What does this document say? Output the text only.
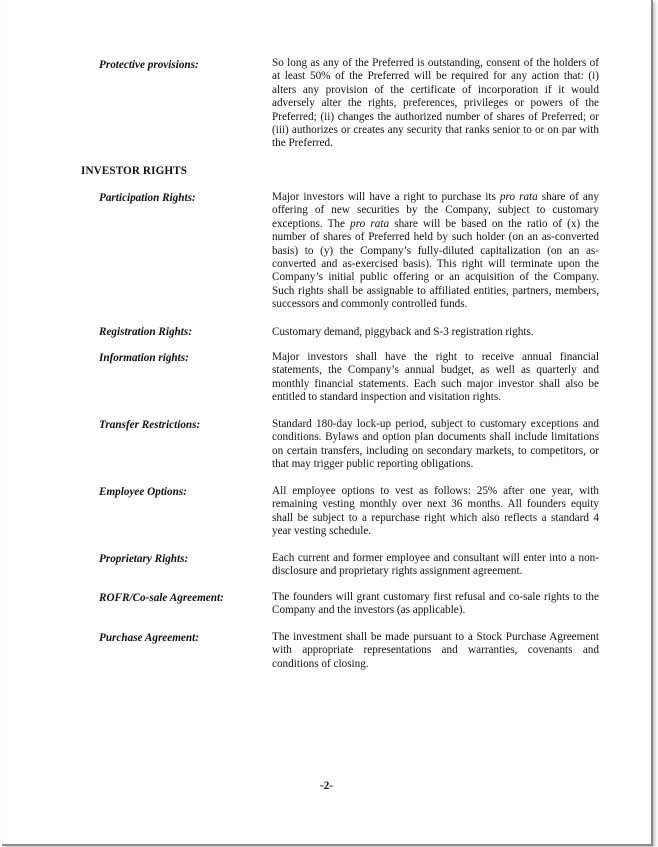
Protective provisions:	So long as any of the Preferred is outstanding, consent of the holders of at least 50% of the Preferred will be required for any action that: (i) alters any provision of the certificate of incorporation if it would adversely alter the rights, preferences, privileges or powers of the Preferred; (ii) changes the authorized number of shares of Preferred; or (iii) authorizes or creates any security that ranks senior to or on par with the Preferred.
INVESTOR RIGHTS
Participation Rights:	Major investors will have a right to purchase its pro rata share of any offering of new securities by the Company, subject to customary exceptions. The pro rata share will be based on the ratio of (x) the number of shares of Preferred held by such holder (on an as-converted basis) to (y) the Company’s fully-diluted capitalization (on an as-converted and as-exercised basis). This right will terminate upon the Company’s initial public offering or an acquisition of the Company. Such rights shall be assignable to affiliated entities, partners, members, successors and commonly controlled funds.
Registration Rights:	Customary demand, piggyback and S-3 registration rights.
Information rights:	Major investors shall have the right to receive annual financial statements, the Company’s annual budget, as well as quarterly and monthly financial statements. Each such major investor shall also be entitled to standard inspection and visitation rights.
Transfer Restrictions:	Standard 180-day lock-up period, subject to customary exceptions and conditions. Bylaws and option plan documents shall include limitations on certain transfers, including on secondary markets, to competitors, or that may trigger public reporting obligations.
Employee Options:	All employee options to vest as follows: 25% after one year, with remaining vesting monthly over next 36 months. All founders equity shall be subject to a repurchase right which also reflects a standard 4 year vesting schedule.
Proprietary Rights:	Each current and former employee and consultant will enter into a non-disclosure and proprietary rights assignment agreement.
ROFR/Co-sale Agreement:	The founders will grant customary first refusal and co-sale rights to the Company and the investors (as applicable).
Purchase Agreement:	The investment shall be made pursuant to a Stock Purchase Agreement with appropriate representations and warranties, covenants and conditions of closing.
-2-
